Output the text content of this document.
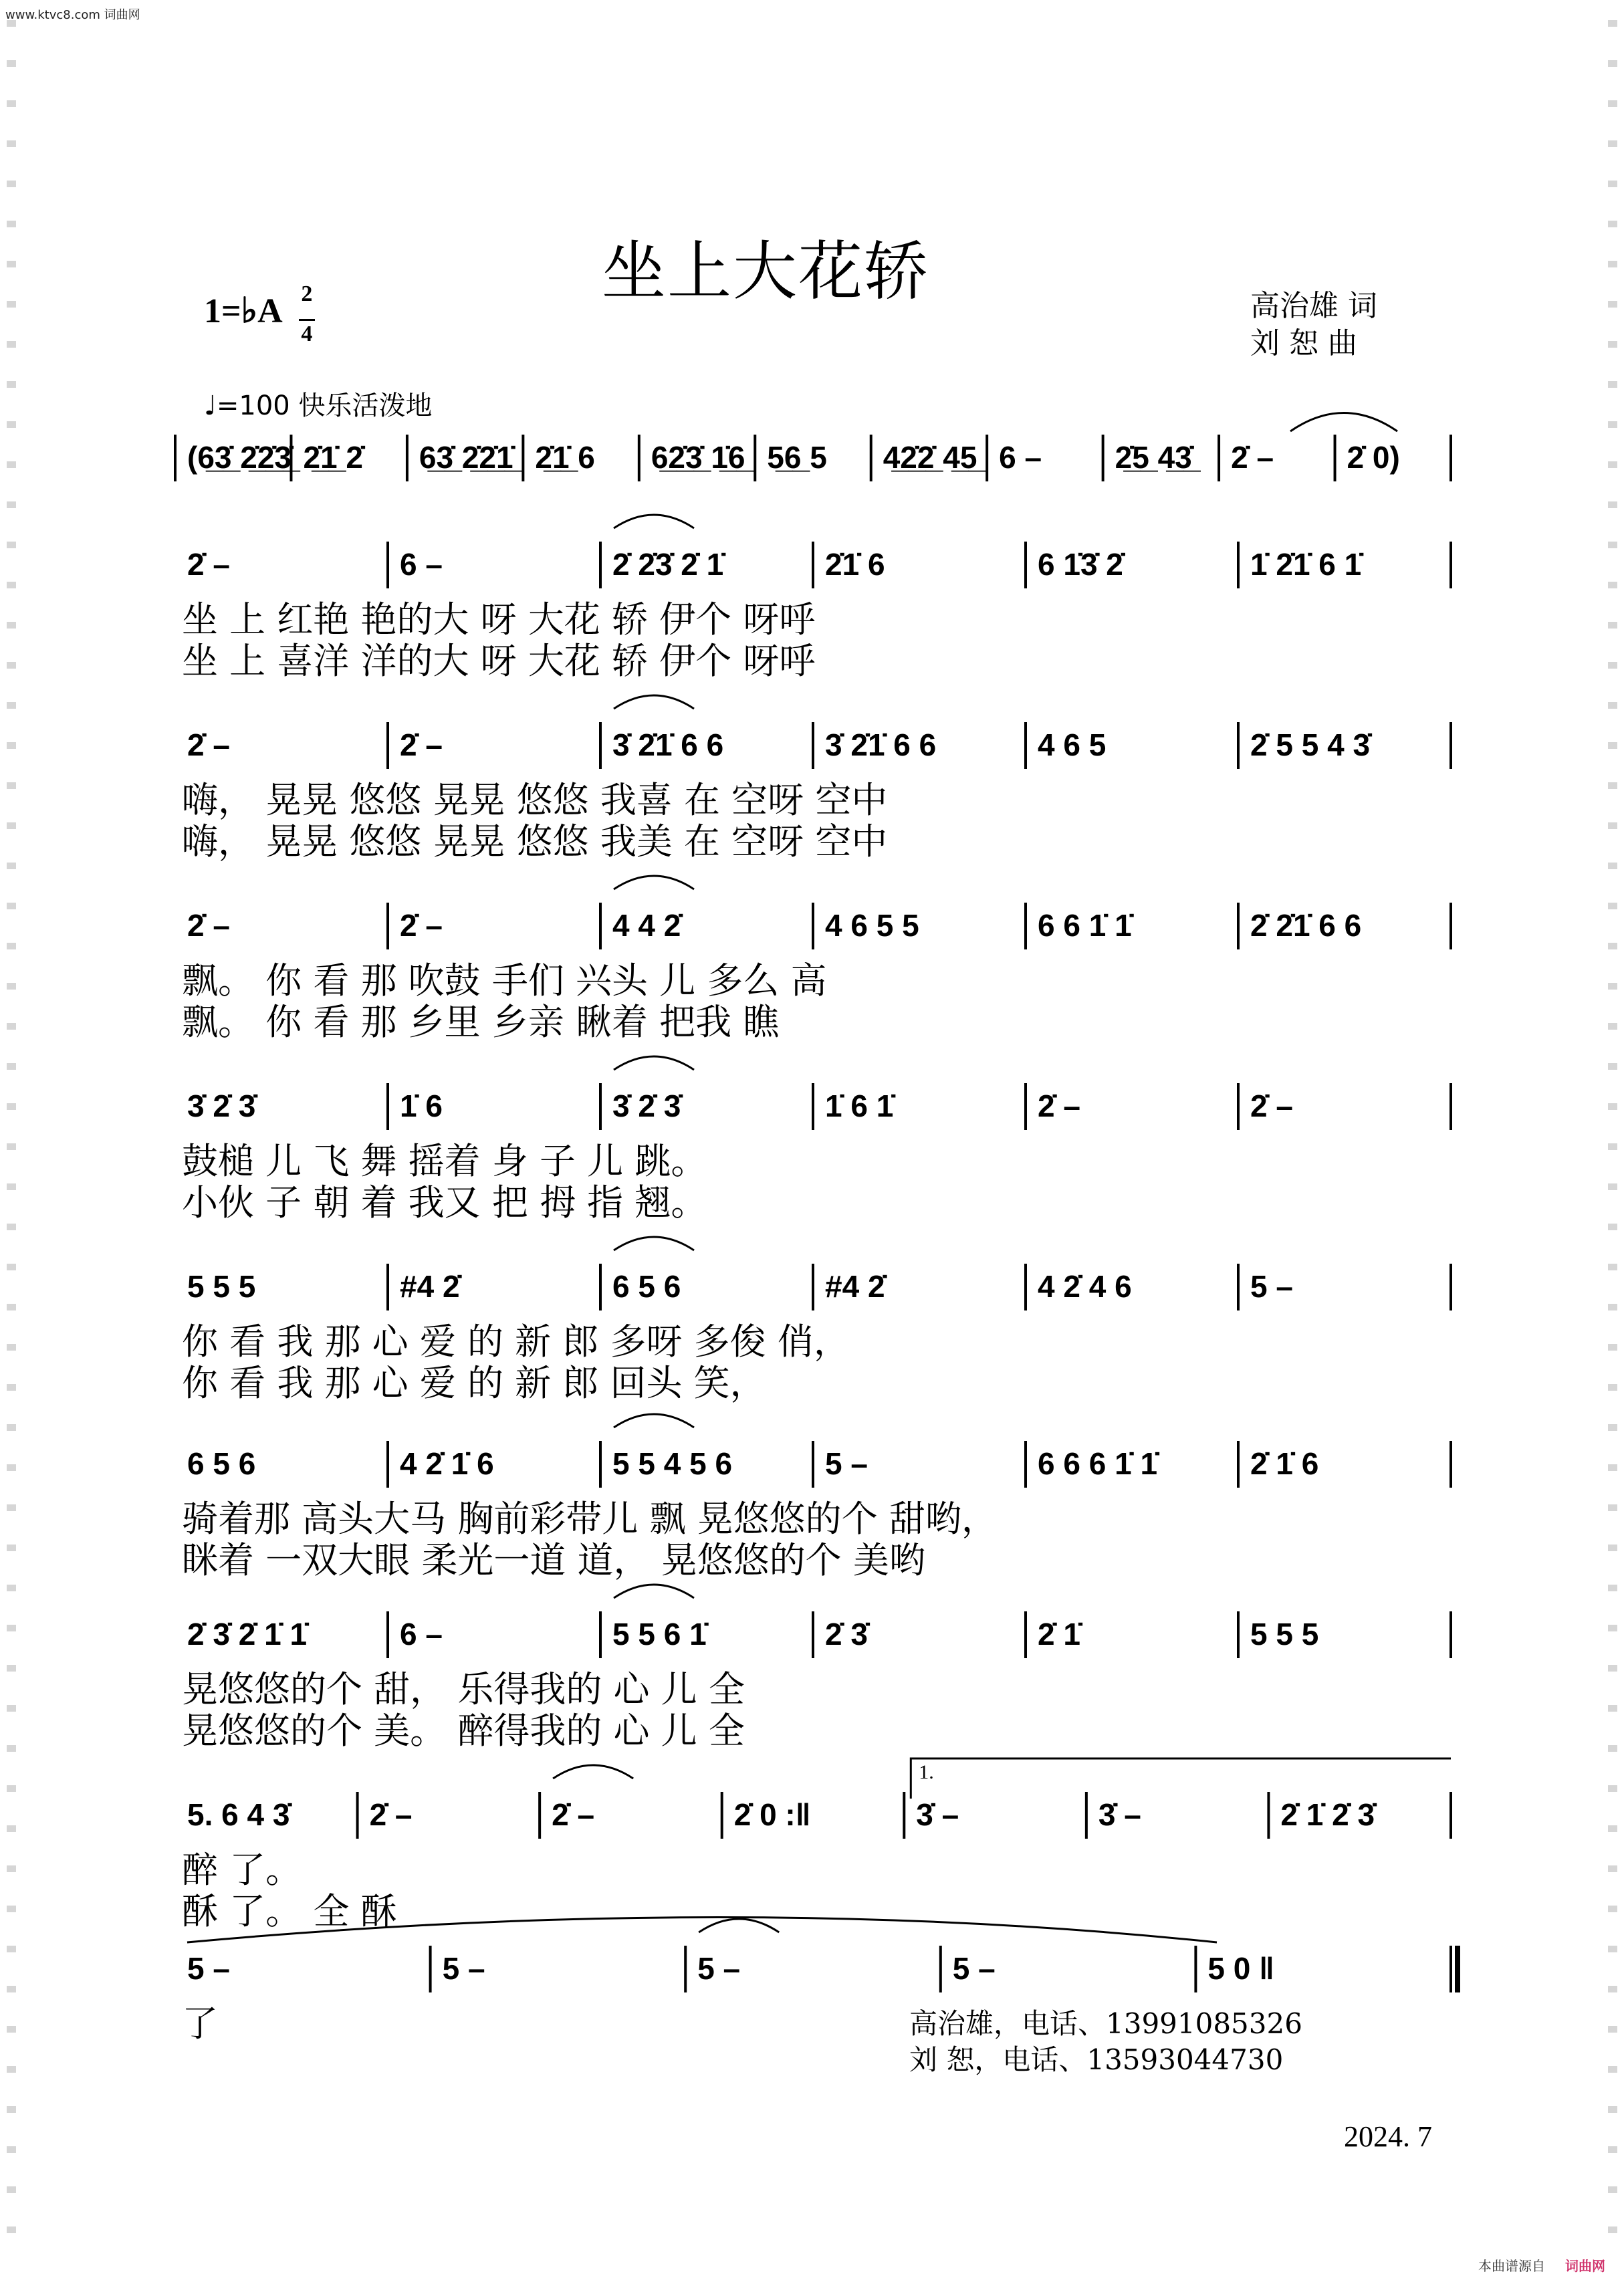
www.ktvc8.com 词曲网
坐上大花轿
1=♭A $\frac{2}{4}$	高治雄 词
刘 恕 曲
♩=100 快乐活泼地
(6̲3̲̇ 2̲̇2̲̇3̲̇ 2̲̇1̲̇ 2̇ 6̲3̲̇ 2̲̇2̲̇1̲̇ 2̲̇1̲̇ 6 6̲2̲̇3̲̇ 1̲̇6̲ 5̲6̲ 5 4̲2̲̇2̲̇ 4̲5̲ 6 – 2̲̇5̲ 4̲3̲̇	2̇ – 2̇ 0)
2̇ –	6 –	2̇ 2̇3̇ 2̇ 1̇	2̇1̇ 6	6 1̇3̇ 2̇	1̇ 2̇1̇ 6 1̇
坐 上 红艳 艳的大 呀 大花 轿 伊个 呀呼
坐 上 喜洋 洋的大 呀 大花 轿 伊个 呀呼
2̇ –	2̇ –	3̇ 2̇1̇ 6 6	3̇ 2̇1̇ 6 6	4 6 5	2̇ 5 5 4 3̇
嗨， 晃晃 悠悠 晃晃 悠悠 我喜 在 空呀 空中
嗨， 晃晃 悠悠 晃晃 悠悠 我美 在 空呀 空中
2̇ –	2̇ –	4 4 2̇	4 6 5 5	6 6 1̇ 1̇	2̇ 2̇1̇ 6 6
飘。 你 看 那 吹鼓 手们 兴头 儿 多么 高
飘。 你 看 那 乡里 乡亲 瞅着 把我 瞧
3̇ 2̇ 3̇	1̇ 6	3̇ 2̇ 3̇	1̇ 6 1̇	2̇ –	2̇ –
鼓槌 儿 飞 舞 摇着 身 子 儿 跳。
小伙 子 朝 着 我又 把 拇 指 翘。
5 5 5	#4 2̇	6 5 6	#4 2̇	4 2̇ 4 6	5 –
你 看 我 那 心 爱 的 新 郎 多呀 多俊 俏，
你 看 我 那 心 爱 的 新 郎 回头 笑，
6 5 6	4 2̇ 1̇ 6	5 5 4 5 6	5 –	6 6 6 1̇ 1̇	2̇ 1̇ 6
骑着那 高头大马 胸前彩带儿 飘 晃悠悠的个 甜哟，
眯着 一双大眼 柔光一道 道， 晃悠悠的个 美哟
2̇ 3̇ 2̇ 1̇ 1̇	6 –	5 5 6 1̇	2̇ 3̇	2̇ 1̇	5 5 5
晃悠悠的个 甜， 乐得我的 心 儿 全
晃悠悠的个 美。 醉得我的 心 儿 全
5. 6 4 3̇	2̇ –	2̇ –	2̇ 0 :‖	3̇ –	3̇ –	2̇ 1̇ 2̇ 3̇
醉 了。
酥 了。 全 酥
1.
5 –	5 –	5 –	5 –	5 0 ‖
了	高治雄，电话、13991085326
刘 恕，电话、13593044730
2024. 7
本曲谱源自 词曲网
